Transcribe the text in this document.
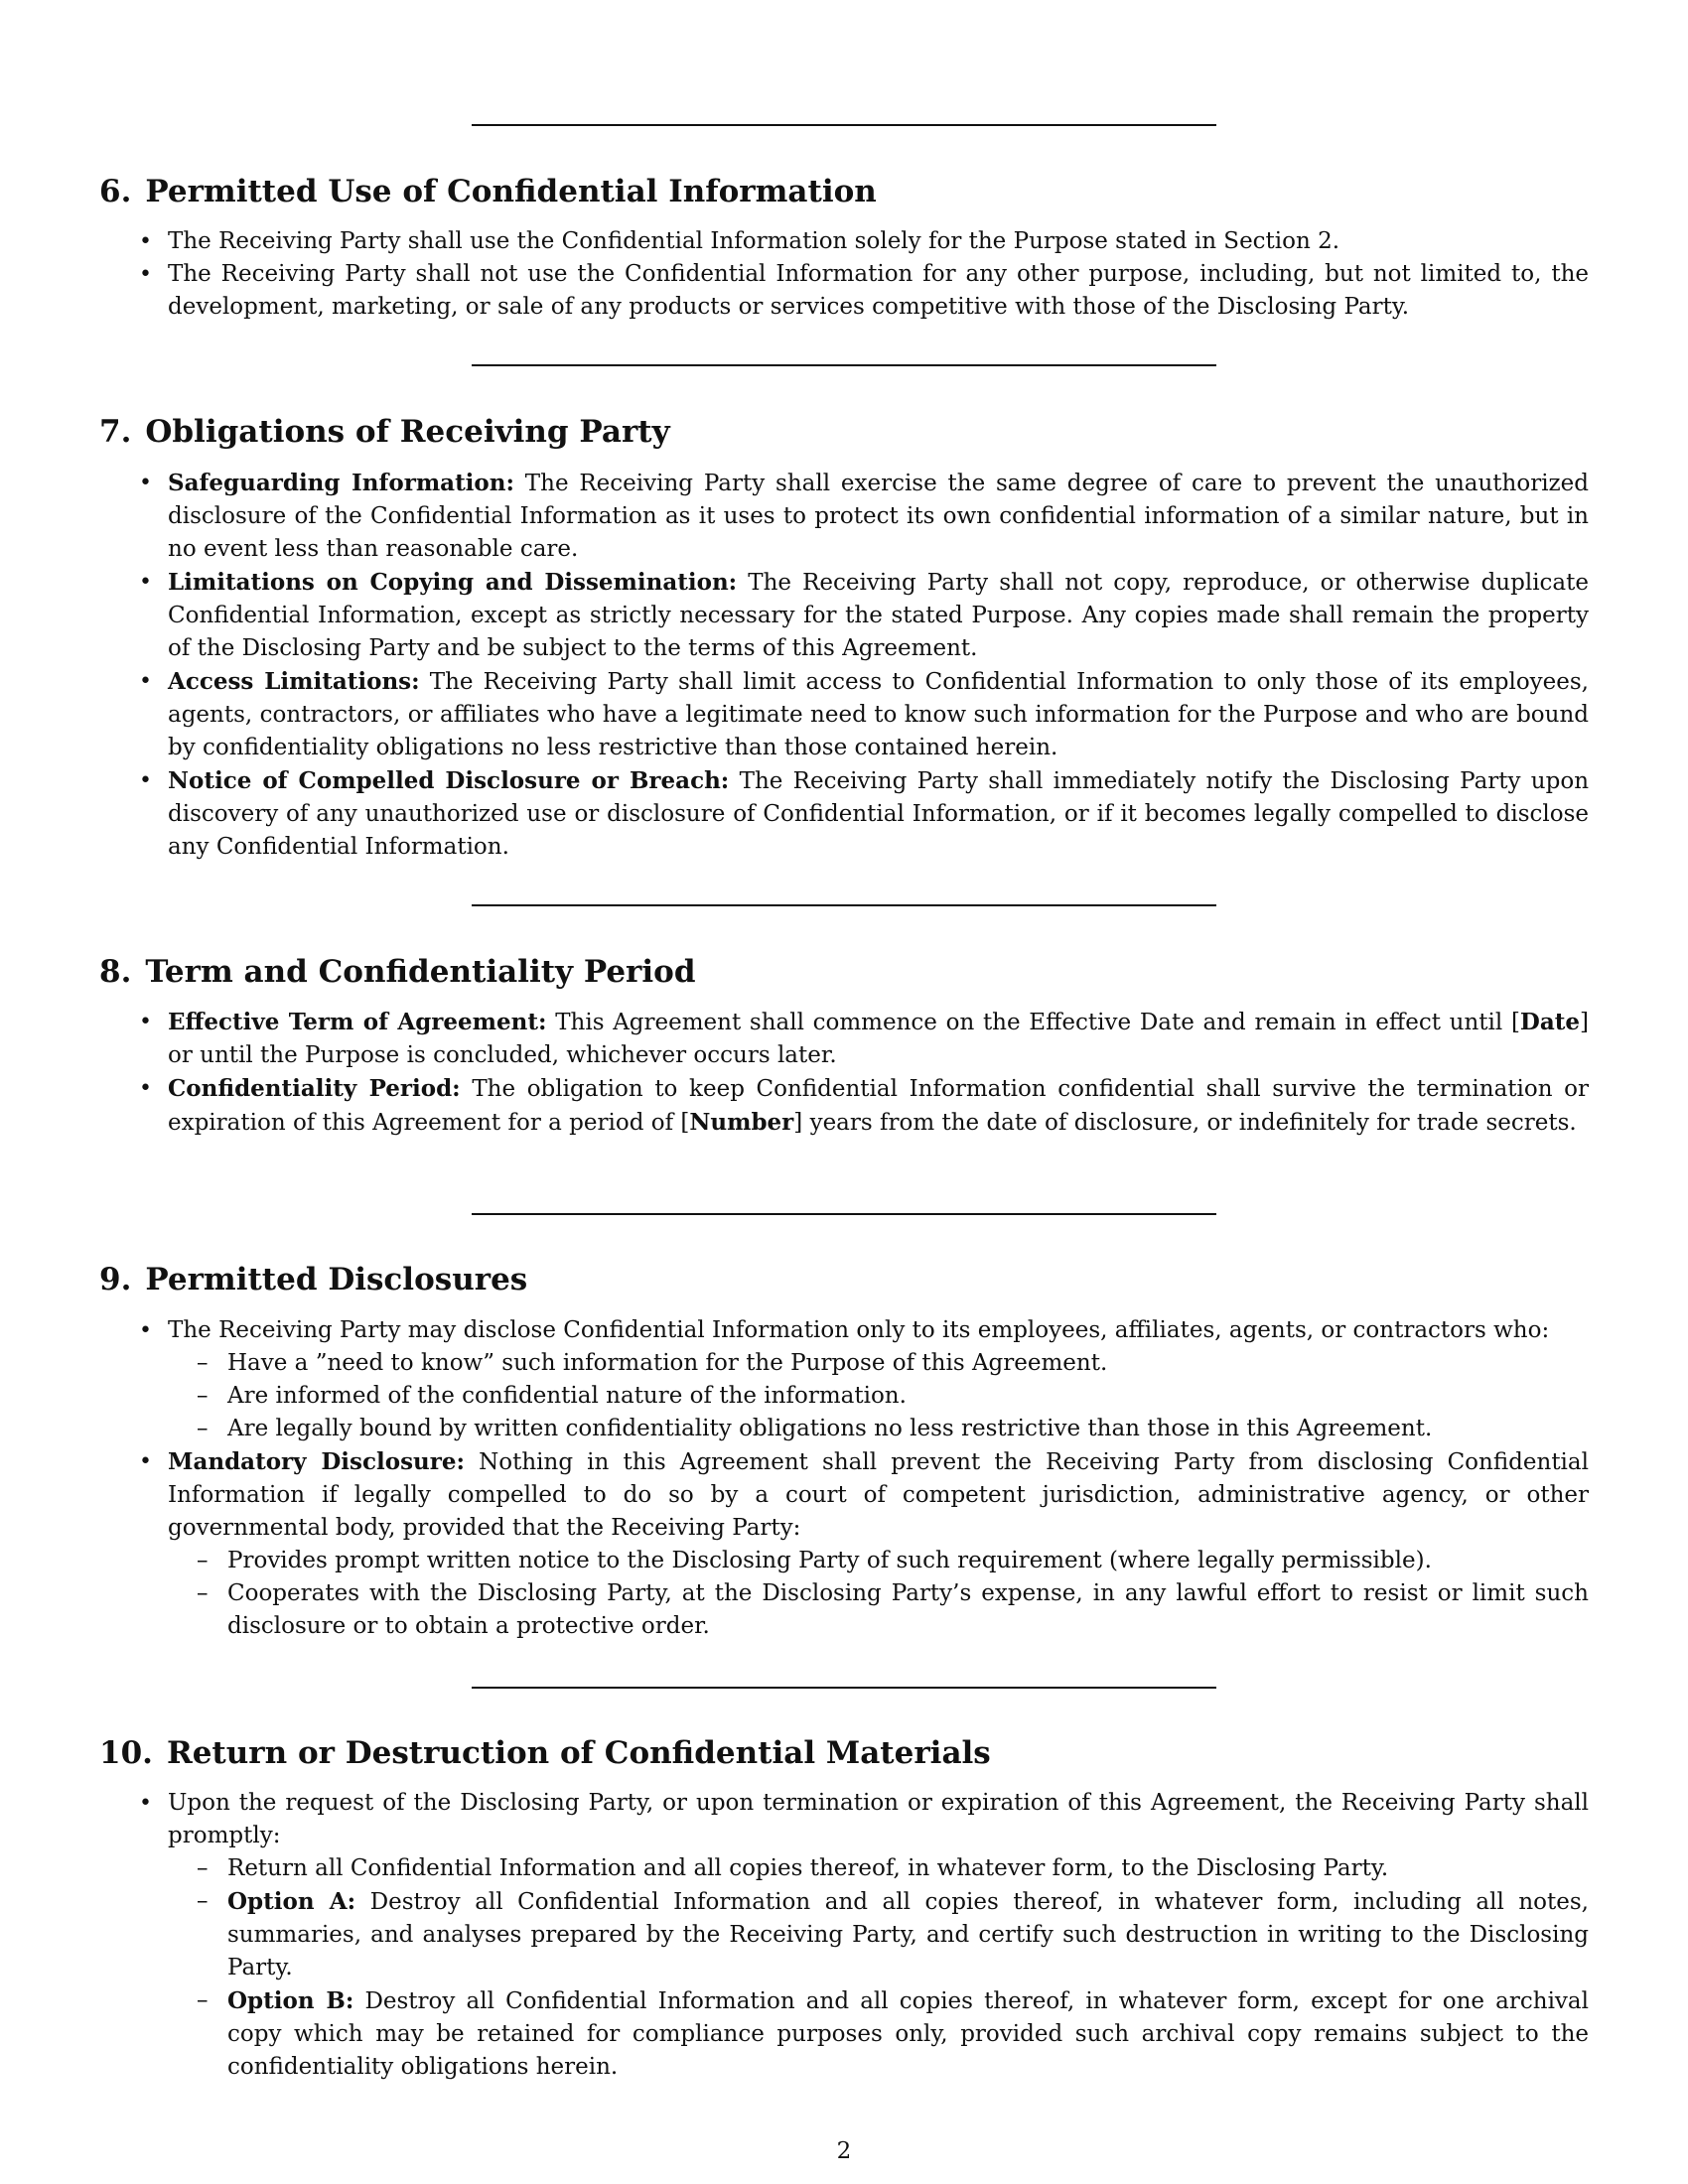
6. Permitted Use of Confidential Information
• The Receiving Party shall use the Confidential Information solely for the Purpose stated in Section 2.
• The Receiving Party shall not use the Confidential Information for any other purpose, including, but not limited to, the development, marketing, or sale of any products or services competitive with those of the Disclosing Party.
7. Obligations of Receiving Party
• Safeguarding Information: The Receiving Party shall exercise the same degree of care to prevent the unauthorized disclosure of the Confidential Information as it uses to protect its own confidential information of a similar nature, but in no event less than reasonable care.
• Limitations on Copying and Dissemination: The Receiving Party shall not copy, reproduce, or otherwise duplicate Confidential Information, except as strictly necessary for the stated Purpose. Any copies made shall remain the property of the Disclosing Party and be subject to the terms of this Agreement.
• Access Limitations: The Receiving Party shall limit access to Confidential Information to only those of its employees, agents, contractors, or affiliates who have a legitimate need to know such information for the Purpose and who are bound by confidentiality obligations no less restrictive than those contained herein.
• Notice of Compelled Disclosure or Breach: The Receiving Party shall immediately notify the Disclosing Party upon discovery of any unauthorized use or disclosure of Confidential Information, or if it becomes legally compelled to disclose any Confidential Information.
8. Term and Confidentiality Period
• Effective Term of Agreement: This Agreement shall commence on the Effective Date and remain in effect until [Date] or until the Purpose is concluded, whichever occurs later.
• Confidentiality Period: The obligation to keep Confidential Information confidential shall survive the termination or expiration of this Agreement for a period of [Number] years from the date of disclosure, or indefinitely for trade secrets.
9. Permitted Disclosures
• The Receiving Party may disclose Confidential Information only to its employees, affiliates, agents, or contractors who:
– Have a ”need to know” such information for the Purpose of this Agreement.
– Are informed of the confidential nature of the information.
– Are legally bound by written confidentiality obligations no less restrictive than those in this Agreement.
• Mandatory Disclosure: Nothing in this Agreement shall prevent the Receiving Party from disclosing Confidential Information if legally compelled to do so by a court of competent jurisdiction, administrative agency, or other governmental body, provided that the Receiving Party:
– Provides prompt written notice to the Disclosing Party of such requirement (where legally permissible).
– Cooperates with the Disclosing Party, at the Disclosing Party’s expense, in any lawful effort to resist or limit such disclosure or to obtain a protective order.
10. Return or Destruction of Confidential Materials
• Upon the request of the Disclosing Party, or upon termination or expiration of this Agreement, the Receiving Party shall promptly:
– Return all Confidential Information and all copies thereof, in whatever form, to the Disclosing Party.
– Option A: Destroy all Confidential Information and all copies thereof, in whatever form, including all notes, summaries, and analyses prepared by the Receiving Party, and certify such destruction in writing to the Disclosing Party.
– Option B: Destroy all Confidential Information and all copies thereof, in whatever form, except for one archival copy which may be retained for compliance purposes only, provided such archival copy remains subject to the confidentiality obligations herein.
2
